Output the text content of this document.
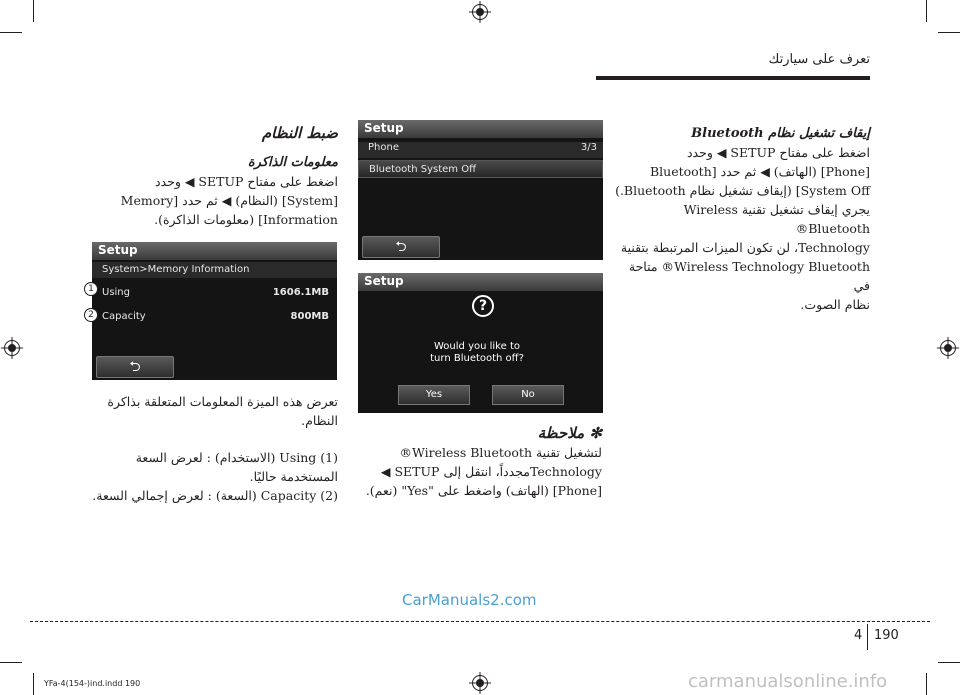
تعرف على سيارتك
إيقاف تشغيل نظام Bluetooth
اضغط على مفتاح SETUP ◀ وحدد
[Phone] (الهاتف) ◀ ثم حدد [Bluetooth
System Off] (إيقاف تشغيل نظام Bluetooth.)
يجري إيقاف تشغيل تقنية Wireless Bluetooth®
Technology، لن تكون الميزات المرتبطة بتقنية
Wireless Technology Bluetooth® متاحة في
نظام الصوت.
Setup
Phone	3/3
Bluetooth System Off
⮌
Setup
?
Would you like to
turn Bluetooth off?
Yes	No
✻ ملاحظة
لتشغيل تقنية Wireless Bluetooth®
Technologyمجدداً، انتقل إلى SETUP ◀
[Phone] (الهاتف) واضغط على "Yes" (نعم).
ضبط النظام
معلومات الذاكرة
اضغط على مفتاح SETUP ◀ وحدد
[System] (النظام) ◀ ثم حدد [Memory
Information] (معلومات الذاكرة).
Setup
System>Memory Information
Using	1606.1MB
Capacity	800MB
⮌
1
2
تعرض هذه الميزة المعلومات المتعلقة بذاكرة النظام.
(1) Using (الاستخدام) : لعرض السعة
المستخدمة حاليًا.
(2) Capacity (السعة) : لعرض إجمالي السعة.
CarManuals2.com
4 190
YFa-4(154-)ind.indd 190	carmanualsonline.info
